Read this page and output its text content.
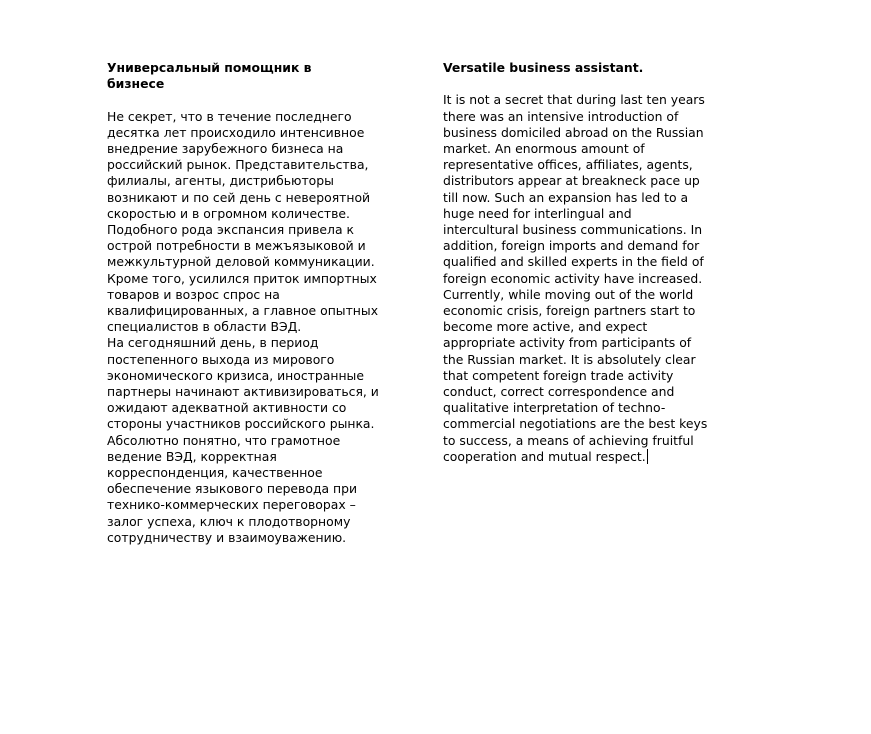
Универсальный помощник в
бизнесе
Не секрет, что в течение последнего
десятка лет происходило интенсивное
внедрение зарубежного бизнеса на
российский рынок. Представительства,
филиалы, агенты, дистрибьюторы
возникают и по сей день с невероятной
скоростью и в огромном количестве.
Подобного рода экспансия привела к
острой потребности в межъязыковой и
межкультурной деловой коммуникации.
Кроме того, усилился приток импортных
товаров и возрос спрос на
квалифицированных, а главное опытных
специалистов в области ВЭД.
На сегодняшний день, в период
постепенного выхода из мирового
экономического кризиса, иностранные
партнеры начинают активизироваться, и
ожидают адекватной активности со
стороны участников российского рынка.
Абсолютно понятно, что грамотное
ведение ВЭД, корректная
корреспонденция, качественное
обеспечение языкового перевода при
технико-коммерческих переговорах –
залог успеха, ключ к плодотворному
сотрудничеству и взаимоуважению.
Versatile business assistant.
It is not a secret that during last ten years
there was an intensive introduction of
business domiciled abroad on the Russian
market. An enormous amount of
representative offices, affiliates, agents,
distributors appear at breakneck pace up
till now. Such an expansion has led to a
huge need for interlingual and
intercultural business communications. In
addition, foreign imports and demand for
qualified and skilled experts in the field of
foreign economic activity have increased.
Currently, while moving out of the world
economic crisis, foreign partners start to
become more active, and expect
appropriate activity from participants of
the Russian market. It is absolutely clear
that competent foreign trade activity
conduct, correct correspondence and
qualitative interpretation of techno-
commercial negotiations are the best keys
to success, a means of achieving fruitful
cooperation and mutual respect.
